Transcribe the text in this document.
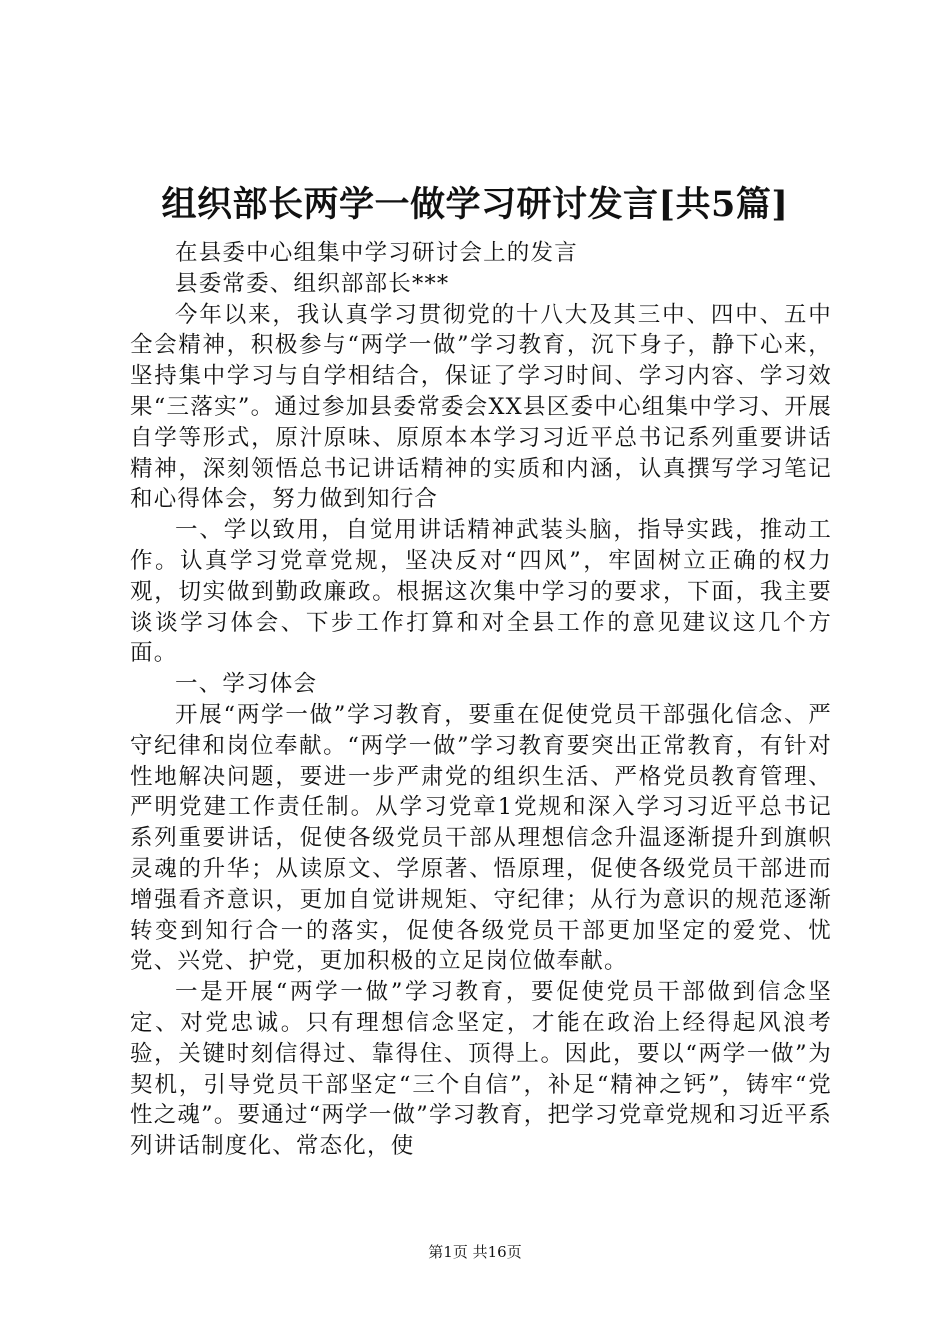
组织部长两学一做学习研讨发言[共5篇]

在县委中心组集中学习研讨会上的发言

县委常委、组织部部长***

今年以来，我认真学习贯彻党的十八大及其三中、四中、五中全会精神，积极参与“两学一做”学习教育，沉下身子，静下心来，坚持集中学习与自学相结合，保证了学习时间、学习内容、学习效果“三落实”。通过参加县委常委会XX县区委中心组集中学习、开展自学等形式，原汁原味、原原本本学习习近平总书记系列重要讲话精神，深刻领悟总书记讲话精神的实质和内涵，认真撰写学习笔记和心得体会，努力做到知行合

一、学以致用，自觉用讲话精神武装头脑，指导实践，推动工作。认真学习党章党规，坚决反对“四风”，牢固树立正确的权力观，切实做到勤政廉政。根据这次集中学习的要求，下面，我主要谈谈学习体会、下步工作打算和对全县工作的意见建议这几个方面。

一、学习体会

开展“两学一做”学习教育，要重在促使党员干部强化信念、严守纪律和岗位奉献。“两学一做”学习教育要突出正常教育，有针对性地解决问题，要进一步严肃党的组织生活、严格党员教育管理、严明党建工作责任制。从学习党章1党规和深入学习习近平总书记系列重要讲话，促使各级党员干部从理想信念升温逐渐提升到旗帜灵魂的升华；从读原文、学原著、悟原理，促使各级党员干部进而增强看齐意识，更加自觉讲规矩、守纪律；从行为意识的规范逐渐转变到知行合一的落实，促使各级党员干部更加坚定的爱党、忧党、兴党、护党，更加积极的立足岗位做奉献。

一是开展“两学一做”学习教育，要促使党员干部做到信念坚定、对党忠诚。只有理想信念坚定，才能在政治上经得起风浪考验，关键时刻信得过、靠得住、顶得上。因此，要以“两学一做”为契机，引导党员干部坚定“三个自信”，补足“精神之钙”，铸牢“党性之魂”。要通过“两学一做”学习教育，把学习党章党规和习近平系列讲话制度化、常态化，使

第1页 共16页
